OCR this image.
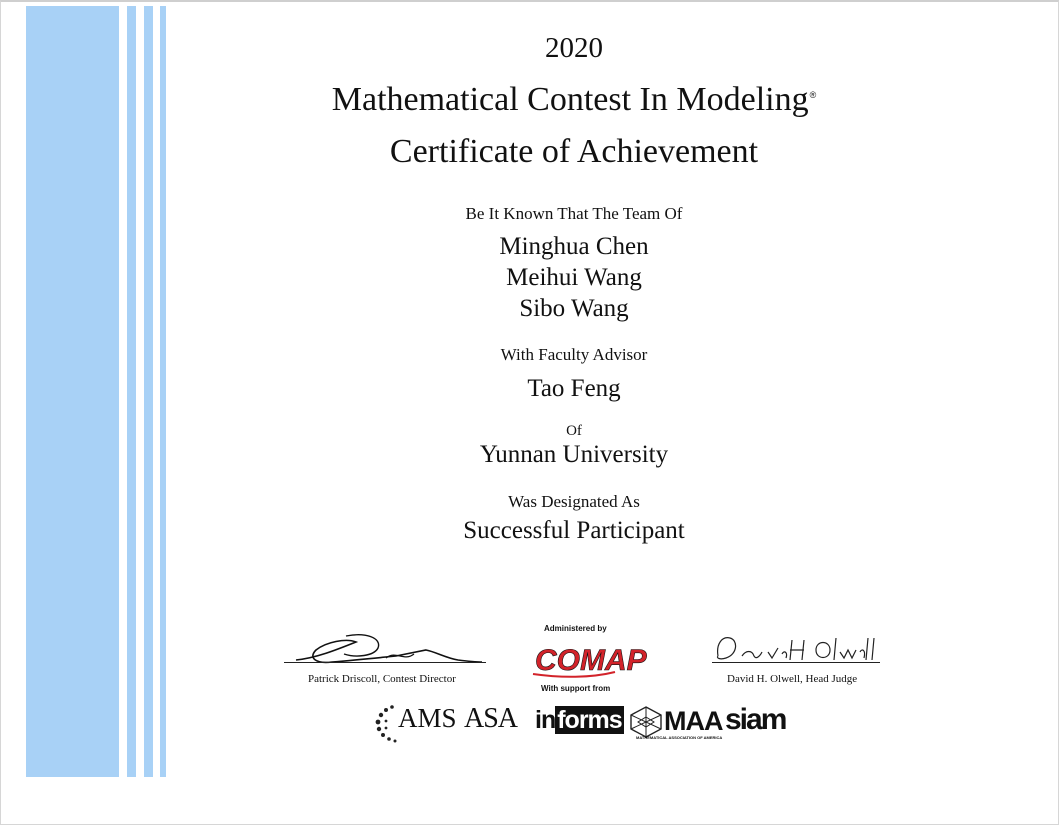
2020
Mathematical Contest In Modeling®
Certificate of Achievement
Be It Known That The Team Of
Minghua Chen
Meihui Wang
Sibo Wang
With Faculty Advisor
Tao Feng
Of
Yunnan University
Was Designated As
Successful Participant
Patrick Driscoll, Contest Director	David H. Olwell, Head Judge
Administered by
COMAP
With support from
AMS ASA informs MAA
MATHEMATICAL ASSOCIATION OF AMERICA
siam
